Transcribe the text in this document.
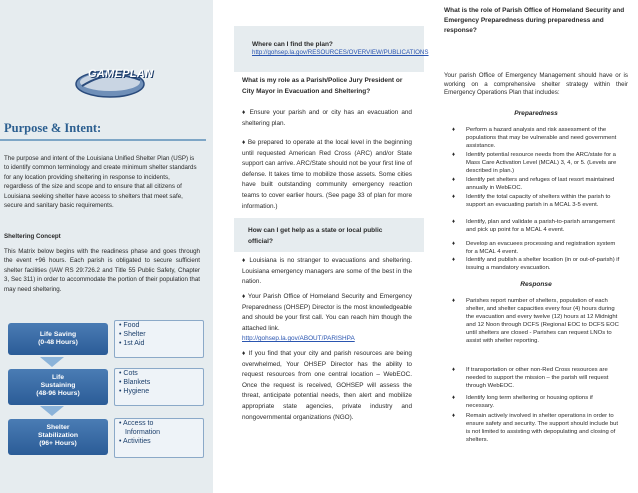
GAMEPLAN
Purpose & Intent:
The purpose and intent of the Louisiana Unified Shelter Plan (USP) is to identify common terminology and create minimum shelter standards for any location providing sheltering in response to incidents, regardless of the size and scope and to ensure that all citizens of Louisiana seeking shelter have access to shelters that meet safe, secure and sanitary basic requirements.
Sheltering Concept
This Matrix below begins with the readiness phase and goes through the event +96 hours. Each parish is obligated to secure sufficient shelter facilities (IAW RS 29:726.2 and Title 55 Public Safety, Chapter 3, Sec 311) in order to accommodate the portion of their population that may need sheltering.
Life Saving
(0-48 Hours)
• Food
• Shelter
• 1st Aid
Life
Sustaining
(48-96 Hours)
• Cots
• Blankets
• Hygiene
Shelter
Stabilization
(96+ Hours)
• Access to
Information
• Activities
Where can I find the plan?
http://gohsep.la.gov/RESOURCES/OVERVIEW/PUBLICATIONS
What is my role as a Parish/Police Jury President or City Mayor in Evacuation and Sheltering?
♦ Ensure your parish and or city has an evacuation and sheltering plan.
♦ Be prepared to operate at the local level in the beginning until requested American Red Cross (ARC) and/or State support can arrive. ARC/State should not be your first line of defense. It takes time to mobilize those assets. Some cities have built outstanding community emergency reaction teams to cover earlier hours. (See page 33 of plan for more information.)
How can I get help as a state or local public official?
♦ Louisiana is no stranger to evacuations and sheltering. Louisiana emergency managers are some of the best in the nation.
♦ Your Parish Office of Homeland Security and Emergency Preparedness (OHSEP) Director is the most knowledgeable and should be your first call. You can reach him though the attached link.
http://gohsep.la.gov/ABOUT/PARISHPA
♦ If you find that your city and parish resources are being overwhelmed, Your OHSEP Director has the ability to request resources from one central location – WebEOC. Once the request is received, GOHSEP will assess the threat, anticipate potential needs, then alert and mobilize appropriate state agencies, private industry and nongovernmental organizations (NGO).
What is the role of Parish Office of Homeland Security and Emergency Preparedness during preparedness and response?
Your parish Office of Emergency Management should have or is working on a comprehensive shelter strategy within their Emergency Operations Plan that includes:
Preparedness
♦ Perform a hazard analysis and risk assessment of the populations that may be vulnerable and need government assistance.
♦ Identify potential resource needs from the ARC/state for a Mass Care Activation Level (MCAL) 3, 4, or 5. (Levels are described in plan.)
♦ Identify pet shelters and refuges of last resort maintained annually in WebEOC.
♦ Identify the total capacity of shelters within the parish to support an evacuating parish in a MCAL 3-5 event.
♦ Identify, plan and validate a parish-to-parish arrangement and pick up point for a MCAL 4 event.
♦ Develop an evacuees processing and registration system for a MCAL 4 event.
♦ Identify and publish a shelter location (in or out-of-parish) if issuing a mandatory evacuation.
Response
♦ Parishes report number of shelters, population of each shelter, and shelter capacities every four (4) hours during the evacuation and every twelve (12) hours at 12 Midnight and 12 Noon through DCFS (Regional EOC to DCFS EOC until shelters are closed - Parishes can request LNOs to assist with shelter reporting.
♦ If transportation or other non-Red Cross resources are needed to support the mission – the parish will request through WebEOC.
♦ Identify long term sheltering or housing options if necessary.
♦ Remain actively involved in shelter operations in order to ensure safety and security. The support should include but is not limited to assisting with depopulating and closing of shelters.
